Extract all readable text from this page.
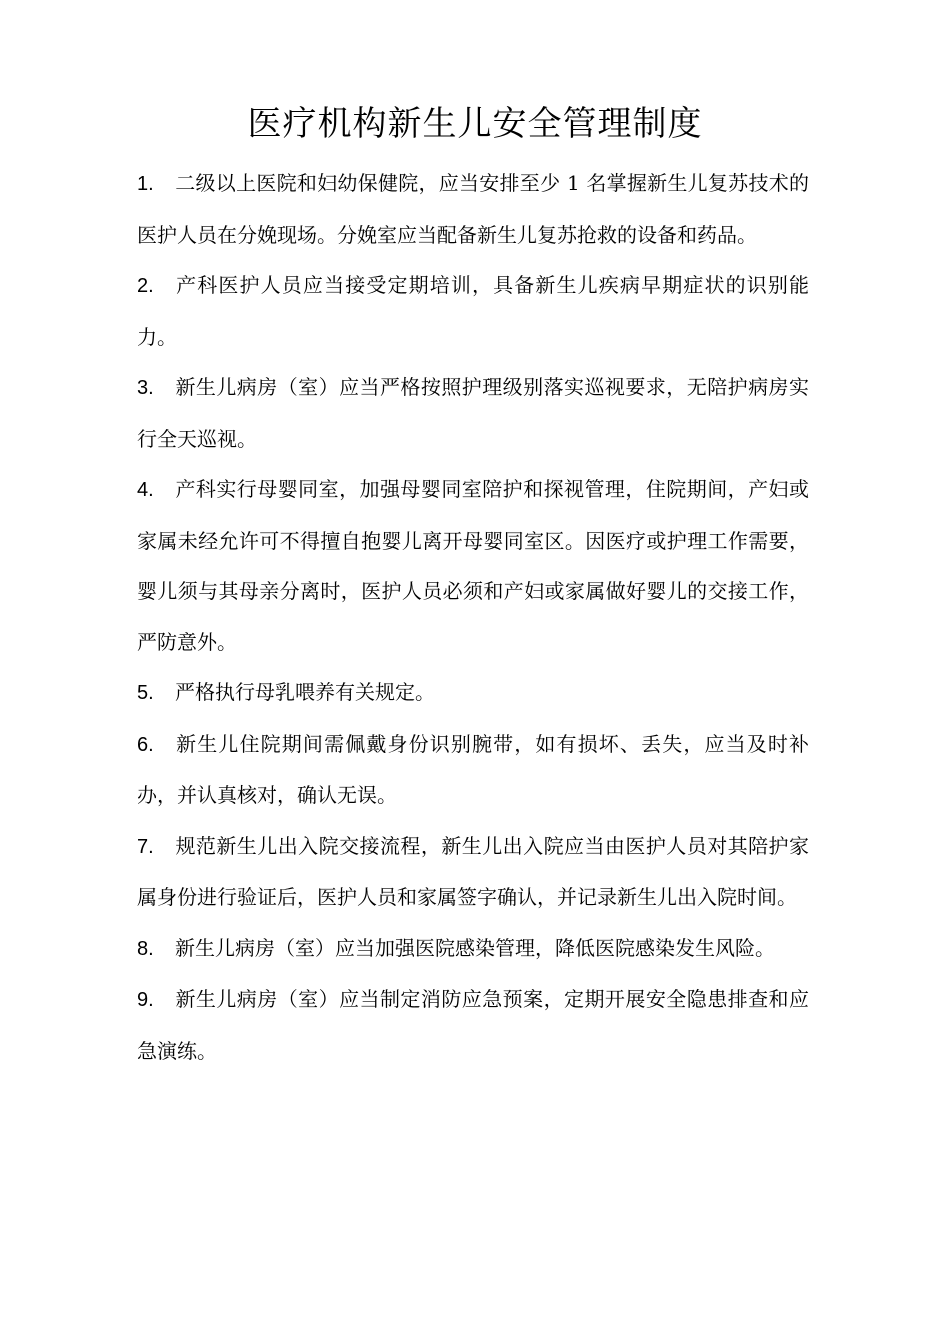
医疗机构新生儿安全管理制度
1. 二级以上医院和妇幼保健院，应当安排至少 1 名掌握新生儿复苏技术的医护人员在分娩现场。分娩室应当配备新生儿复苏抢救的设备和药品。
2. 产科医护人员应当接受定期培训，具备新生儿疾病早期症状的识别能力。
3. 新生儿病房（室）应当严格按照护理级别落实巡视要求，无陪护病房实行全天巡视。
4. 产科实行母婴同室，加强母婴同室陪护和探视管理，住院期间，产妇或家属未经允许可不得擅自抱婴儿离开母婴同室区。因医疗或护理工作需要，婴儿须与其母亲分离时，医护人员必须和产妇或家属做好婴儿的交接工作，严防意外。
5. 严格执行母乳喂养有关规定。
6. 新生儿住院期间需佩戴身份识别腕带，如有损坏、丢失，应当及时补办，并认真核对，确认无误。
7. 规范新生儿出入院交接流程，新生儿出入院应当由医护人员对其陪护家属身份进行验证后，医护人员和家属签字确认，并记录新生儿出入院时间。
8. 新生儿病房（室）应当加强医院感染管理，降低医院感染发生风险。
9. 新生儿病房（室）应当制定消防应急预案，定期开展安全隐患排查和应急演练。
